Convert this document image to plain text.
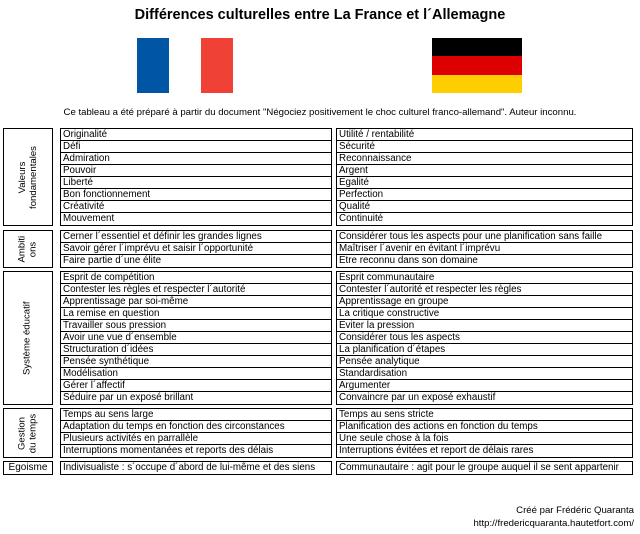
Différences culturelles entre La France et l´Allemagne
Ce tableau a été préparé à partir du document "Négociez positivement le choc culturel franco-allemand". Auteur inconnu.
Valeurs fondamentales
Originalité
Défi
Admiration
Pouvoir
Liberté
Bon fonctionnement
Créativité
Mouvement
Utilité / rentabilité
Sécurité
Reconnaissance
Argent
Egalité
Perfection
Qualité
Continuité
Ambiti ons
Cerner l´essentiel et définir les grandes lignes
Savoir gérer l´imprévu et saisir l´opportunité
Faire partie d´une élite
Considérer tous les aspects pour une planification sans faille
Maîtriser l´avenir en évitant l´imprévu
Etre reconnu dans son domaine
Système éducatif
Esprit de compétition
Contester les règles et respecter l´autorité
Apprentissage par soi-même
La remise en question
Travailler sous pression
Avoir une vue d´ensemble
Structuration d´idées
Pensée synthétique
Modélisation
Gérer l´affectif
Séduire par un exposé brillant
Esprit communautaire
Contester l´autorité et respecter les règles
Apprentissage en groupe
La critique constructive
Eviter la pression
Considérer tous les aspects
La planification d´étapes
Pensée analytique
Standardisation
Argumenter
Convaincre par un exposé exhaustif
Gestion du temps	Temps au sens large
Adaptation du temps en fonction des circonstances
Plusieurs activités en parrallèle
Interruptions momentanées et reports des délais
Temps au sens stricte
Planification des actions en fonction du temps
Une seule chose à la fois
Interruptions évitées et report de délais rares
Egoisme Indivisualiste : s´occupe d´abord de lui-même et des siens	Communautaire : agit pour le groupe auquel il se sent appartenir
Créé par Frédéric Quaranta
http://fredericquaranta.hautetfort.com/
